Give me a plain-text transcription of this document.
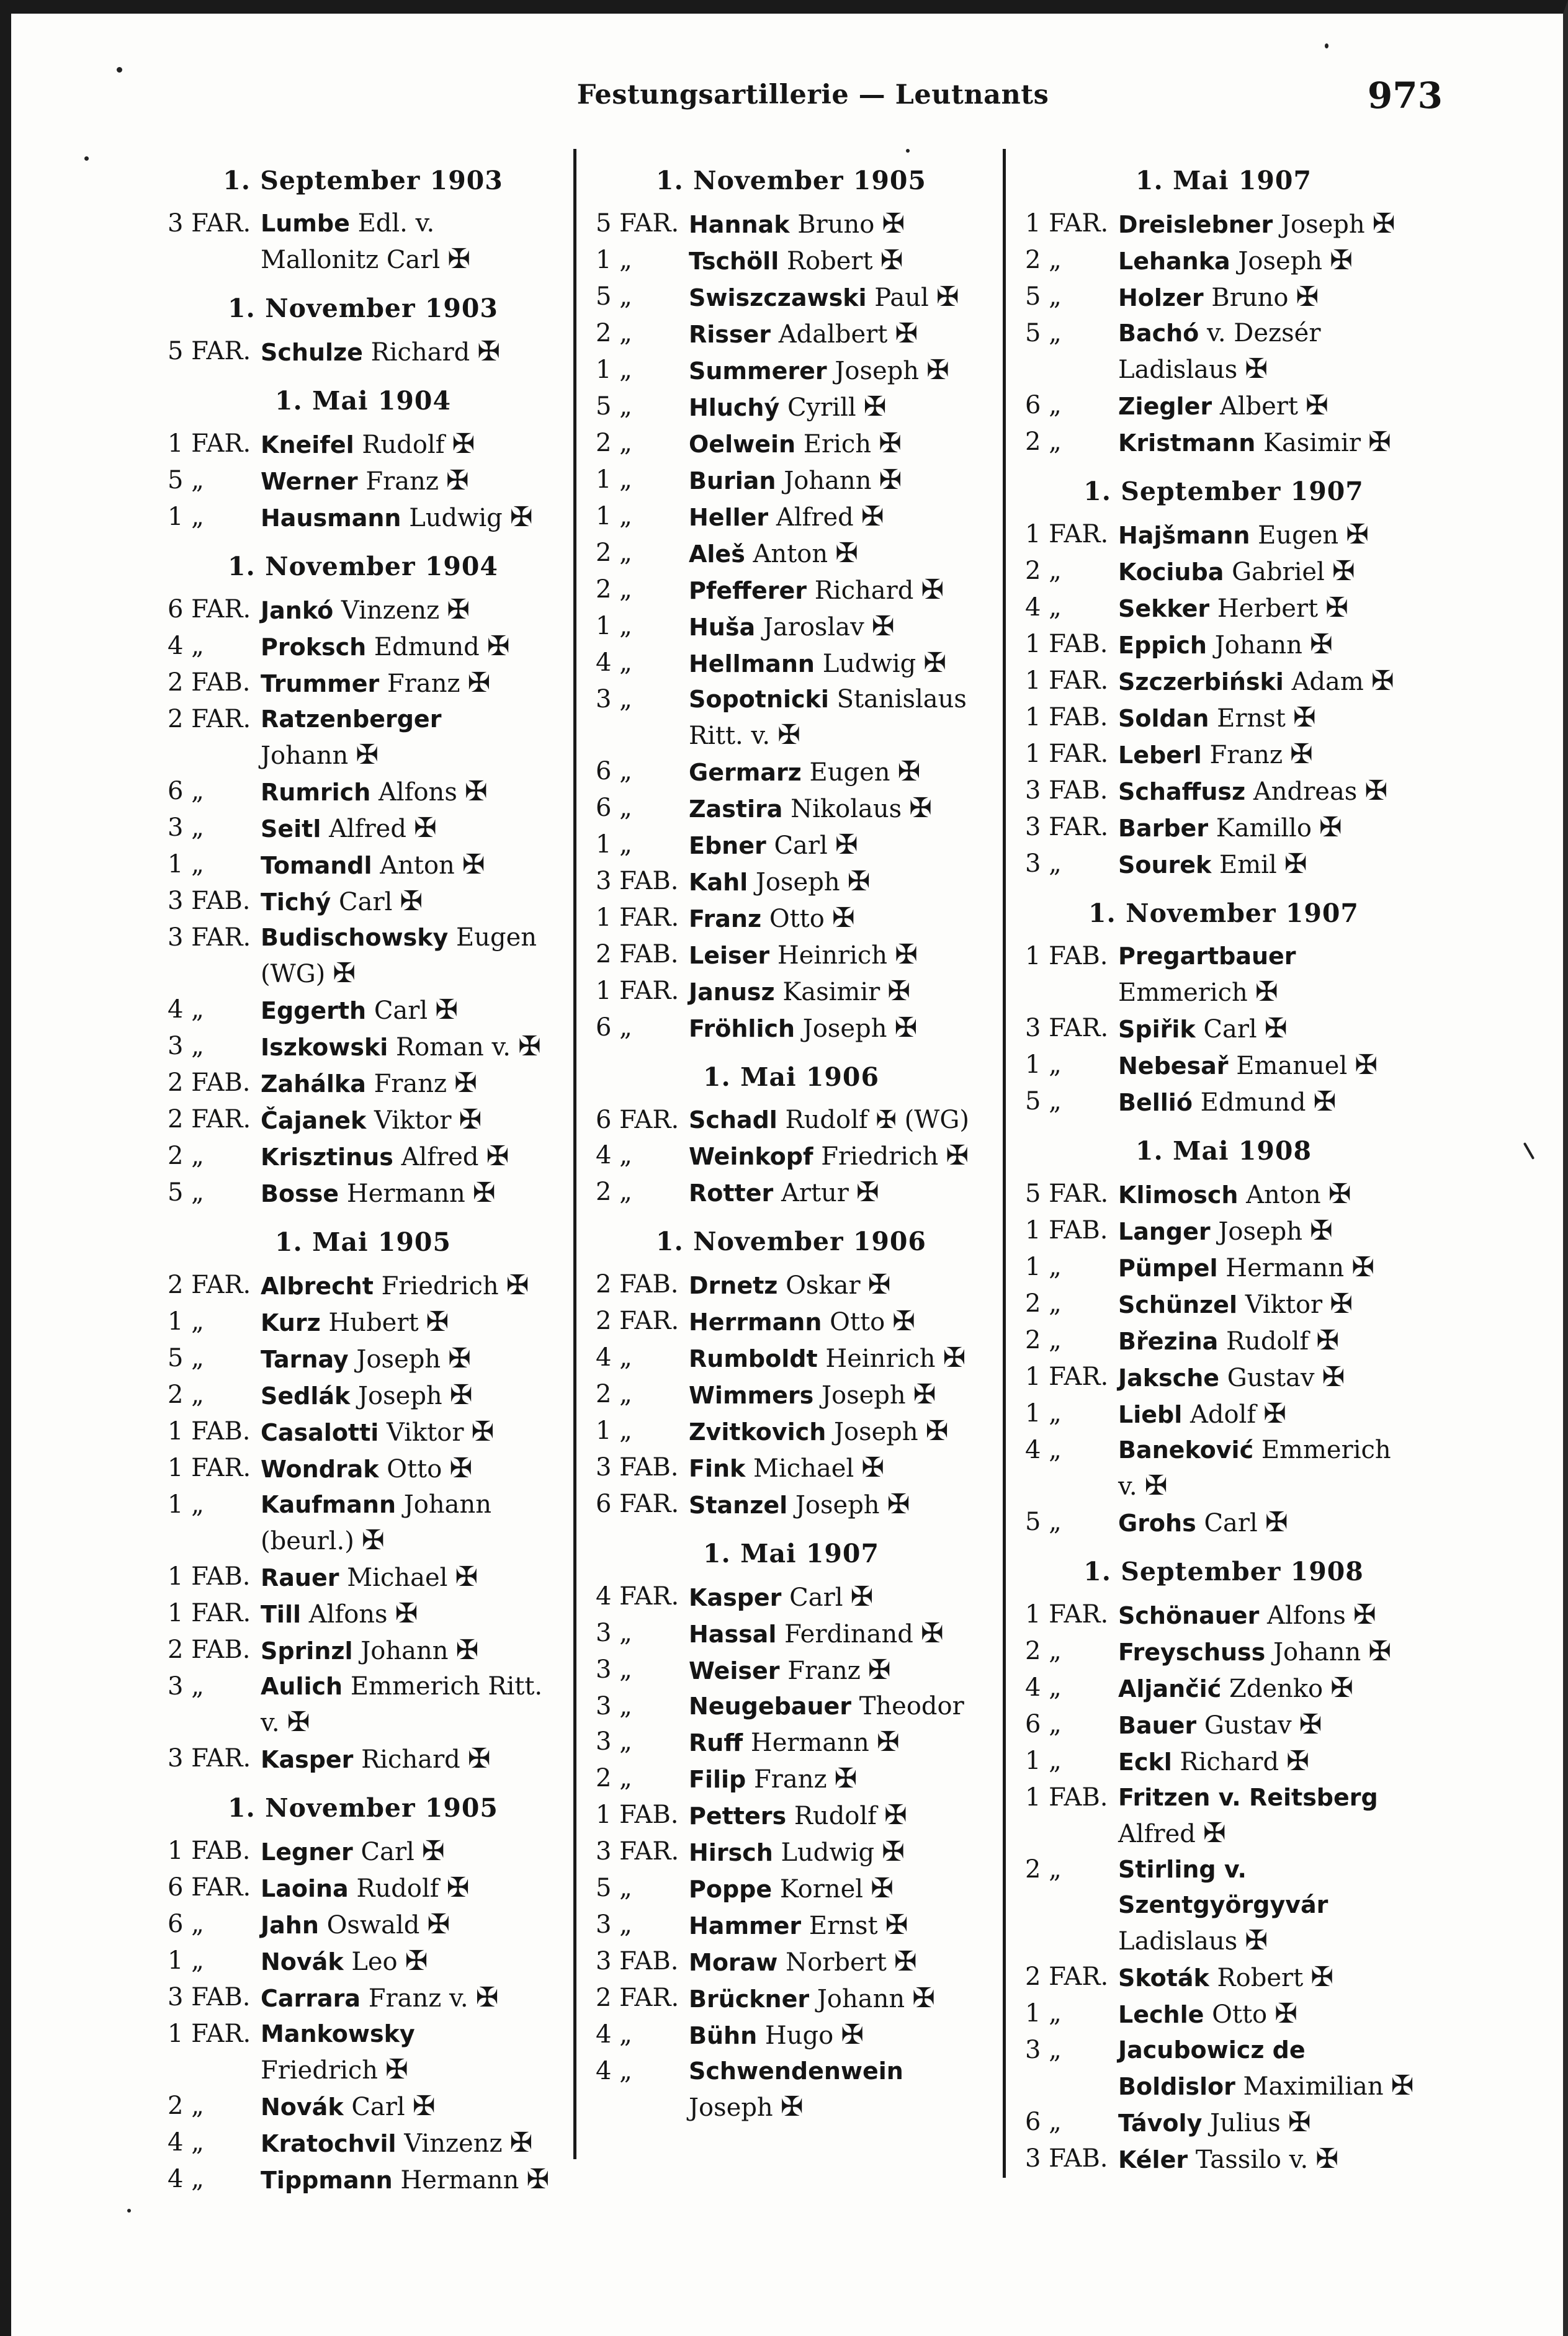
Festungsartillerie — Leutnants	973
1. September 1903
3 FAR. Lumbe Edl. v. Mallonitz Carl ✠
1. November 1903
5 FAR. Schulze Richard ✠
1. Mai 1904
1 FAR. Kneifel Rudolf ✠
5 „	Werner Franz ✠
1 „	Hausmann Ludwig ✠
1. November 1904
6 FAR. Jankó Vinzenz ✠
4 „	Proksch Edmund ✠
2 FAB. Trummer Franz ✠
2 FAR. Ratzenberger Johann ✠
6 „	Rumrich Alfons ✠
3 „	Seitl Alfred ✠
1 „	Tomandl Anton ✠
3 FAB. Tichý Carl ✠
3 FAR. Budischowsky Eugen (WG) ✠
4 „	Eggerth Carl ✠
3 „	Iszkowski Roman v. ✠
2 FAB. Zahálka Franz ✠
2 FAR. Čajanek Viktor ✠
2 „	Krisztinus Alfred ✠
5 „	Bosse Hermann ✠
1. Mai 1905
2 FAR. Albrecht Friedrich ✠
1 „	Kurz Hubert ✠
5 „	Tarnay Joseph ✠
2 „	Sedlák Joseph ✠
1 FAB. Casalotti Viktor ✠
1 FAR. Wondrak Otto ✠
1 „	Kaufmann Johann (beurl.) ✠
1 FAB. Rauer Michael ✠
1 FAR. Till Alfons ✠
2 FAB. Sprinzl Johann ✠
3 „	Aulich Emmerich Ritt. v. ✠
3 FAR. Kasper Richard ✠
1. November 1905
1 FAB. Legner Carl ✠
6 FAR. Laoina Rudolf ✠
6 „	Jahn Oswald ✠
1 „	Novák Leo ✠
3 FAB. Carrara Franz v. ✠
1 FAR. Mankowsky Friedrich ✠
2 „	Novák Carl ✠
4 „	Kratochvil Vinzenz ✠
4 „	Tippmann Hermann ✠
1. November 1905
5 FAR. Hannak Bruno ✠
1 „	Tschöll Robert ✠
5 „	Swiszczawski Paul ✠
2 „	Risser Adalbert ✠
1 „	Summerer Joseph ✠
5 „	Hluchý Cyrill ✠
2 „	Oelwein Erich ✠
1 „	Burian Johann ✠
1 „	Heller Alfred ✠
2 „	Aleš Anton ✠
2 „	Pfefferer Richard ✠
1 „	Huša Jaroslav ✠
4 „	Hellmann Ludwig ✠
3 „	Sopotnicki Stanislaus Ritt. v. ✠
6 „	Germarz Eugen ✠
6 „	Zastira Nikolaus ✠
1 „	Ebner Carl ✠
3 FAB. Kahl Joseph ✠
1 FAR. Franz Otto ✠
2 FAB. Leiser Heinrich ✠
1 FAR. Janusz Kasimir ✠
6 „	Fröhlich Joseph ✠
1. Mai 1906
6 FAR. Schadl Rudolf ✠ (WG)
4 „	Weinkopf Friedrich ✠
2 „	Rotter Artur ✠
1. November 1906
2 FAB. Drnetz Oskar ✠
2 FAR. Herrmann Otto ✠
4 „	Rumboldt Heinrich ✠
2 „	Wimmers Joseph ✠
1 „	Zvitkovich Joseph ✠
3 FAB. Fink Michael ✠
6 FAR. Stanzel Joseph ✠
1. Mai 1907
4 FAR. Kasper Carl ✠
3 „	Hassal Ferdinand ✠
3 „	Weiser Franz ✠
3 „	Neugebauer Theodor
3 „	Ruff Hermann ✠
2 „	Filip Franz ✠
1 FAB. Petters Rudolf ✠
3 FAR. Hirsch Ludwig ✠
5 „	Poppe Kornel ✠
3 „	Hammer Ernst ✠
3 FAB. Moraw Norbert ✠
2 FAR. Brückner Johann ✠
4 „	Bühn Hugo ✠
4 „	Schwendenwein Joseph ✠
1. Mai 1907
1 FAR. Dreislebner Joseph ✠
2 „	Lehanka Joseph ✠
5 „	Holzer Bruno ✠
5 „	Bachó v. Dezsér Ladislaus ✠
6 „	Ziegler Albert ✠
2 „	Kristmann Kasimir ✠
1. September 1907
1 FAR. Hajšmann Eugen ✠
2 „	Kociuba Gabriel ✠
4 „	Sekker Herbert ✠
1 FAB. Eppich Johann ✠
1 FAR. Szczerbiński Adam ✠
1 FAB. Soldan Ernst ✠
1 FAR. Leberl Franz ✠
3 FAB. Schaffusz Andreas ✠
3 FAR. Barber Kamillo ✠
3 „	Sourek Emil ✠
1. November 1907
1 FAB. Pregartbauer Emmerich ✠
3 FAR. Spiřik Carl ✠
1 „	Nebesař Emanuel ✠
5 „	Bellió Edmund ✠
1. Mai 1908
5 FAR. Klimosch Anton ✠
1 FAB. Langer Joseph ✠
1 „	Pümpel Hermann ✠
2 „	Schünzel Viktor ✠
2 „	Březina Rudolf ✠
1 FAR. Jaksche Gustav ✠
1 „	Liebl Adolf ✠
4 „	Baneković Emmerich v. ✠
5 „	Grohs Carl ✠
1. September 1908
1 FAR. Schönauer Alfons ✠
2 „	Freyschuss Johann ✠
4 „	Aljančić Zdenko ✠
6 „	Bauer Gustav ✠
1 „	Eckl Richard ✠
1 FAB. Fritzen v. Reitsberg Alfred ✠
2 „	Stirling v. Szentgyörgyvár Ladislaus ✠
2 FAR. Skoták Robert ✠
1 „	Lechle Otto ✠
3 „	Jacubowicz de Boldislor Maximilian ✠
6 „	Távoly Julius ✠
3 FAB. Kéler Tassilo v. ✠
